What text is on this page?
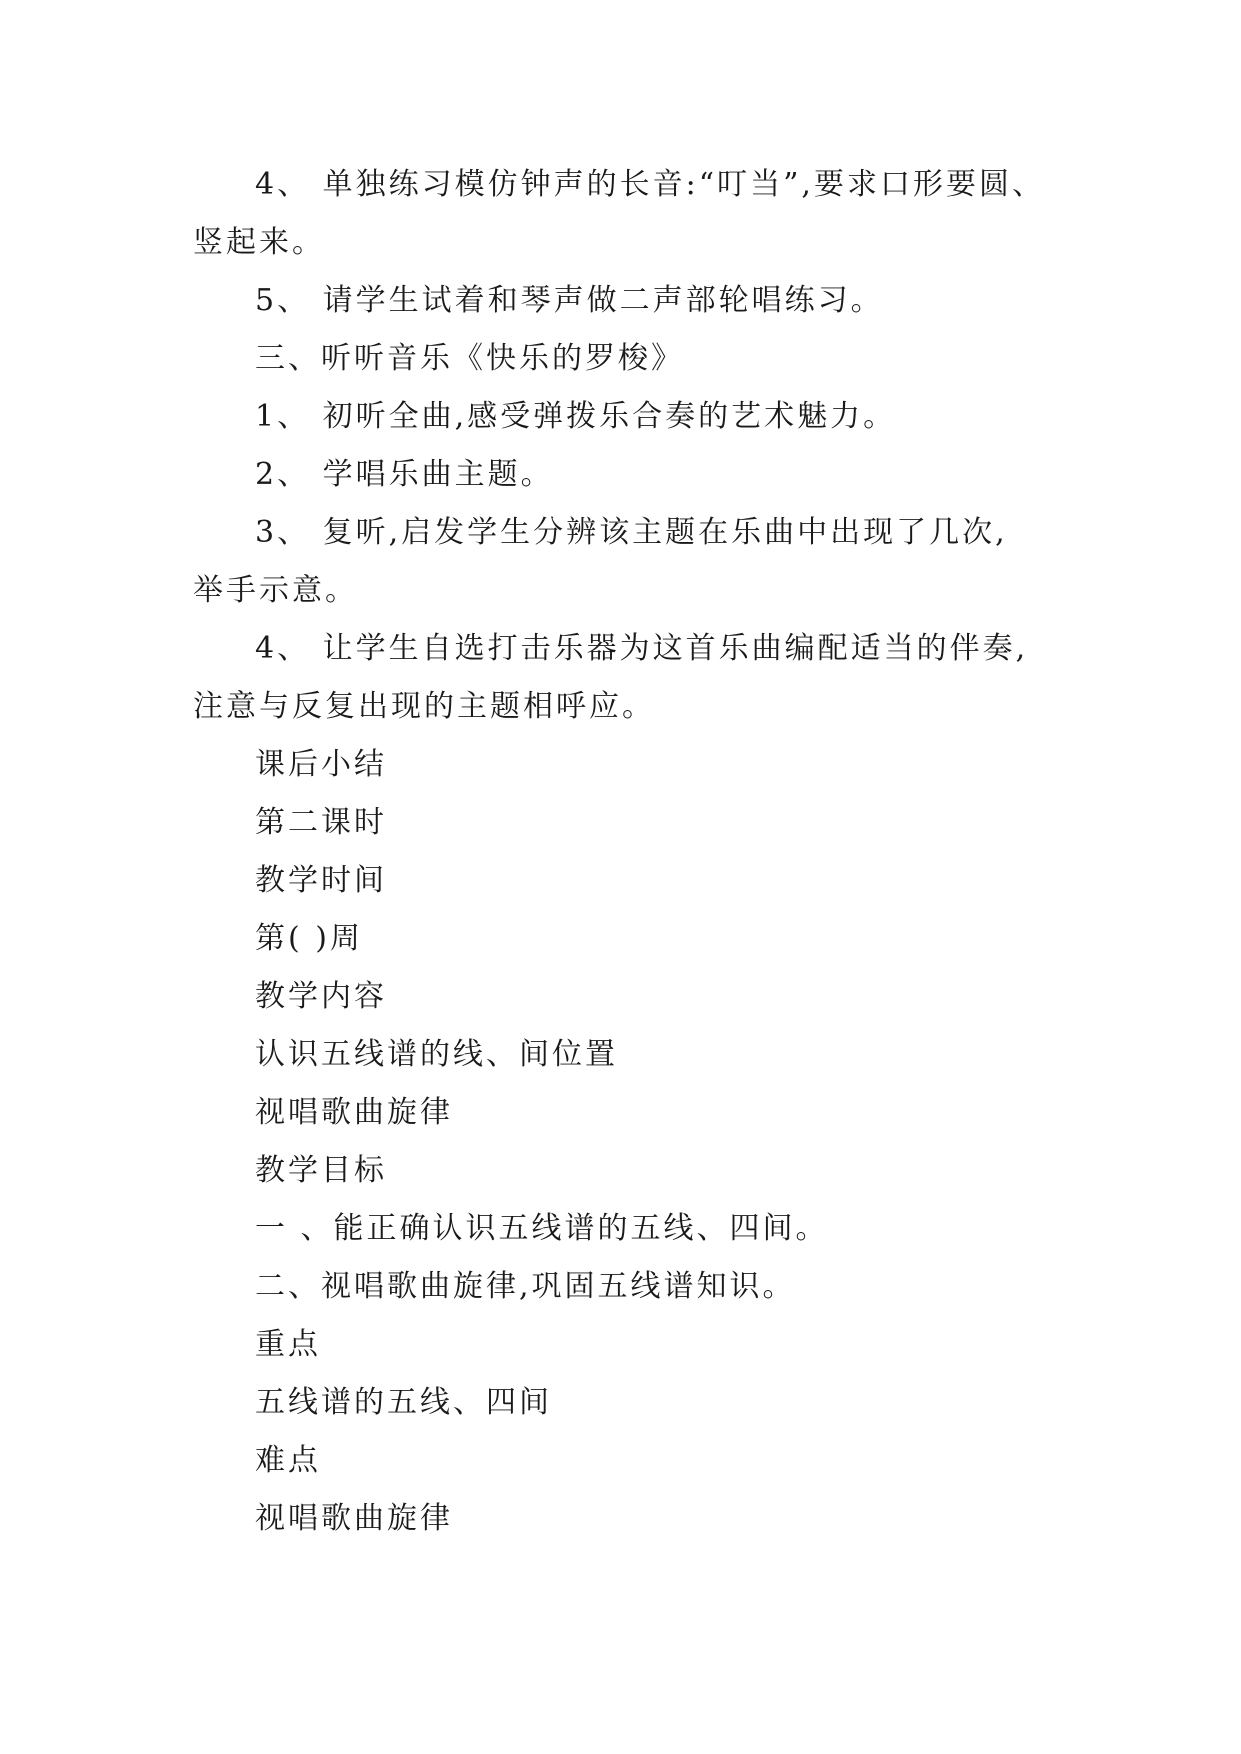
4、 单独练习模仿钟声的长音:“叮当”,要求口形要圆、
竖起来。
5、 请学生试着和琴声做二声部轮唱练习。
三、听听音乐《快乐的罗梭》
1、 初听全曲,感受弹拨乐合奏的艺术魅力。
2、 学唱乐曲主题。
3、 复听,启发学生分辨该主题在乐曲中出现了几次,
举手示意。
4、 让学生自选打击乐器为这首乐曲编配适当的伴奏,
注意与反复出现的主题相呼应。
课后小结
第二课时
教学时间
第( )周
教学内容
认识五线谱的线、间位置
视唱歌曲旋律
教学目标
一 、能正确认识五线谱的五线、四间。
二、视唱歌曲旋律,巩固五线谱知识。
重点
五线谱的五线、四间
难点
视唱歌曲旋律
